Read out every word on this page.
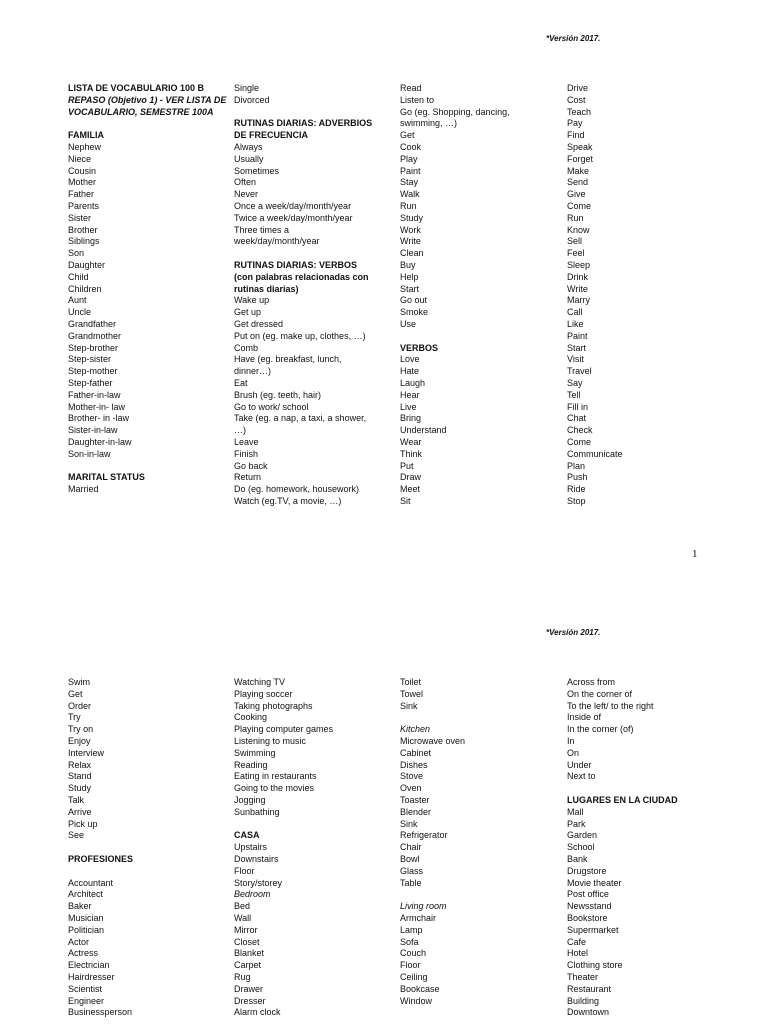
*Versión 2017.
LISTA DE VOCABULARIO 100 B
REPASO (Objetivo 1) - VER LISTA DE VOCABULARIO, SEMESTRE 100A
FAMILIA
Nephew
Niece
Cousin
Mother
Father
Parents
Sister
Brother
Siblings
Son
Daughter
Child
Children
Aunt
Uncle
Grandfather
Grandmother
Step-brother
Step-sister
Step-mother
Step-father
Father-in-law
Mother-in- law
Brother- in -law
Sister-in-law
Daughter-in-law
Son-in-law
MARITAL STATUS
Married
Single
Divorced
RUTINAS DIARIAS: ADVERBIOS DE FRECUENCIA
Always
Usually
Sometimes
Often
Never
Once a week/day/month/year
Twice a week/day/month/year
Three times a week/day/month/year
RUTINAS DIARIAS: VERBOS (con palabras relacionadas con rutinas diarias)
Wake up
Get up
Get dressed
Put on (eg. make up, clothes, …)
Comb
Have (eg. breakfast, lunch, dinner…)
Eat
Brush (eg. teeth, hair)
Go to work/ school
Take (eg. a nap, a taxi, a shower, …)
Leave
Finish
Go back
Return
Do (eg. homework, housework)
Watch (eg.TV, a movie, …)
Read
Listen to
Go (eg. Shopping, dancing, swimming, …)
Get
Cook
Play
Paint
Stay
Walk
Run
Study
Work
Write
Clean
Buy
Help
Start
Go out
Smoke
Use
VERBOS
Love
Hate
Laugh
Hear
Live
Bring
Understand
Wear
Think
Put
Draw
Meet
Sit
Drive
Cost
Teach
Pay
Find
Speak
Forget
Make
Send
Give
Come
Run
Know
Sell
Feel
Sleep
Drink
Write
Marry
Call
Like
Paint
Start
Visit
Travel
Say
Tell
Fill in
Chat
Check
Come
Communicate
Plan
Push
Ride
Stop
1
*Versión 2017.
Swim
Get
Order
Try
Try on
Enjoy
Interview
Relax
Stand
Study
Talk
Arrive
Pick up
See
PROFESIONES
Accountant
Architect
Baker
Musician
Politician
Actor
Actress
Electrician
Hairdresser
Scientist
Engineer
Businessperson
Watching TV
Playing soccer
Taking photographs
Cooking
Playing computer games
Listening to music
Swimming
Reading
Eating in restaurants
Going to the movies
Jogging
Sunbathing
CASA
Upstairs
Downstairs
Floor
Story/storey
Bedroom
Bed
Wall
Mirror
Closet
Blanket
Carpet
Rug
Drawer
Dresser
Alarm clock
Toilet
Towel
Sink
Kitchen
Microwave oven
Cabinet
Dishes
Stove
Oven
Toaster
Blender
Sink
Refrigerator
Chair
Bowl
Glass
Table
Living room
Armchair
Lamp
Sofa
Couch
Floor
Ceiling
Bookcase
Window
Across from
On the corner of
To the left/ to the right
Inside of
In the corner (of)
In
On
Under
Next to
LUGARES EN LA CIUDAD
Mall
Park
Garden
School
Bank
Drugstore
Movie theater
Post office
Newsstand
Bookstore
Supermarket
Cafe
Hotel
Clothing store
Theater
Restaurant
Building
Downtown
